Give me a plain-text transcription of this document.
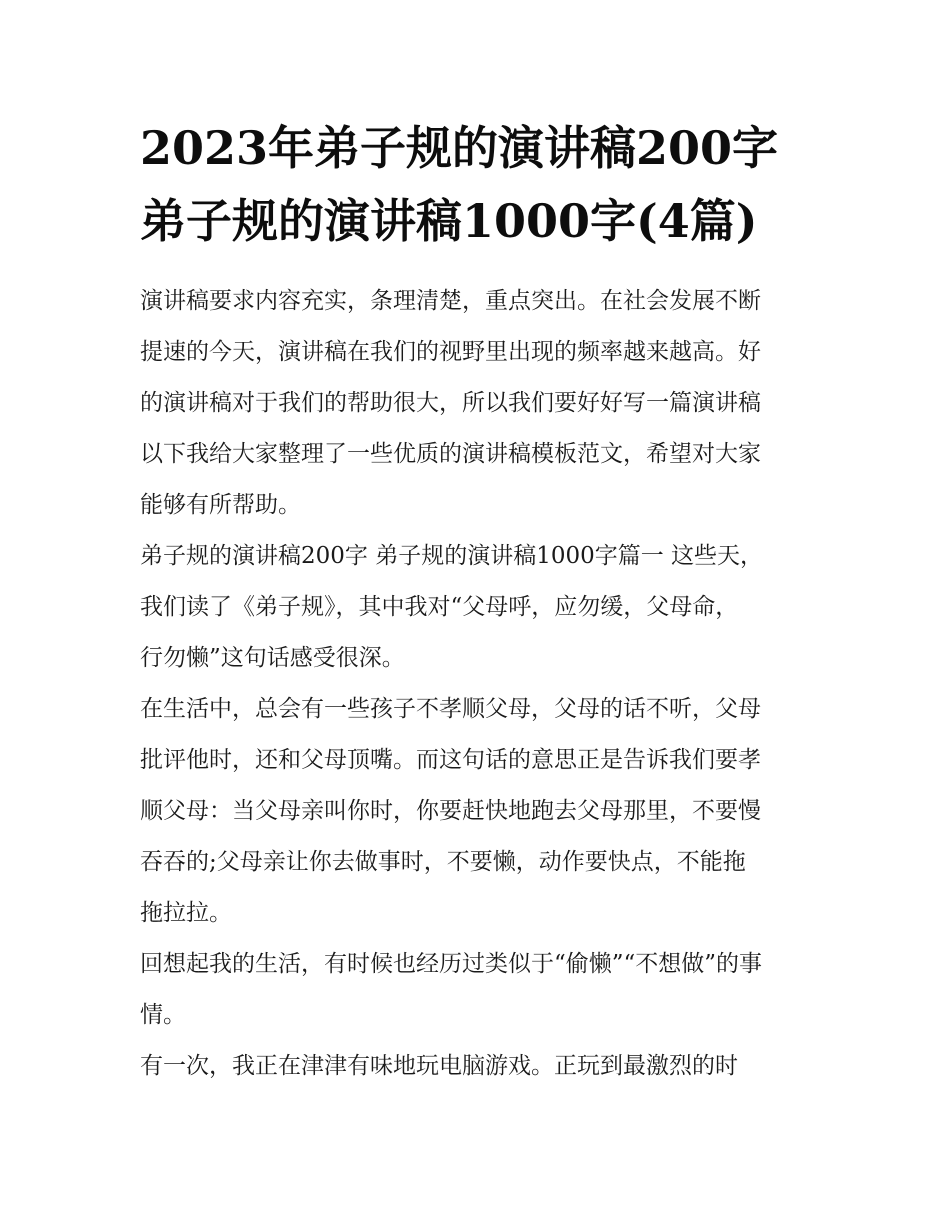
2023年弟子规的演讲稿200字
弟子规的演讲稿1000字(4篇)

演讲稿要求内容充实，条理清楚，重点突出。在社会发展不断
提速的今天，演讲稿在我们的视野里出现的频率越来越高。好
的演讲稿对于我们的帮助很大，所以我们要好好写一篇演讲稿
以下我给大家整理了一些优质的演讲稿模板范文，希望对大家
能够有所帮助。

弟子规的演讲稿200字 弟子规的演讲稿1000字篇一 这些天，
我们读了《弟子规》，其中我对“父母呼，应勿缓，父母命，
行勿懒”这句话感受很深。

在生活中，总会有一些孩子不孝顺父母，父母的话不听，父母
批评他时，还和父母顶嘴。而这句话的意思正是告诉我们要孝
顺父母：当父母亲叫你时，你要赶快地跑去父母那里，不要慢
吞吞的;父母亲让你去做事时，不要懒，动作要快点，不能拖
拖拉拉。

回想起我的生活，有时候也经历过类似于“偷懒”“不想做”的事
情。

有一次，我正在津津有味地玩电脑游戏。正玩到最激烈的时
